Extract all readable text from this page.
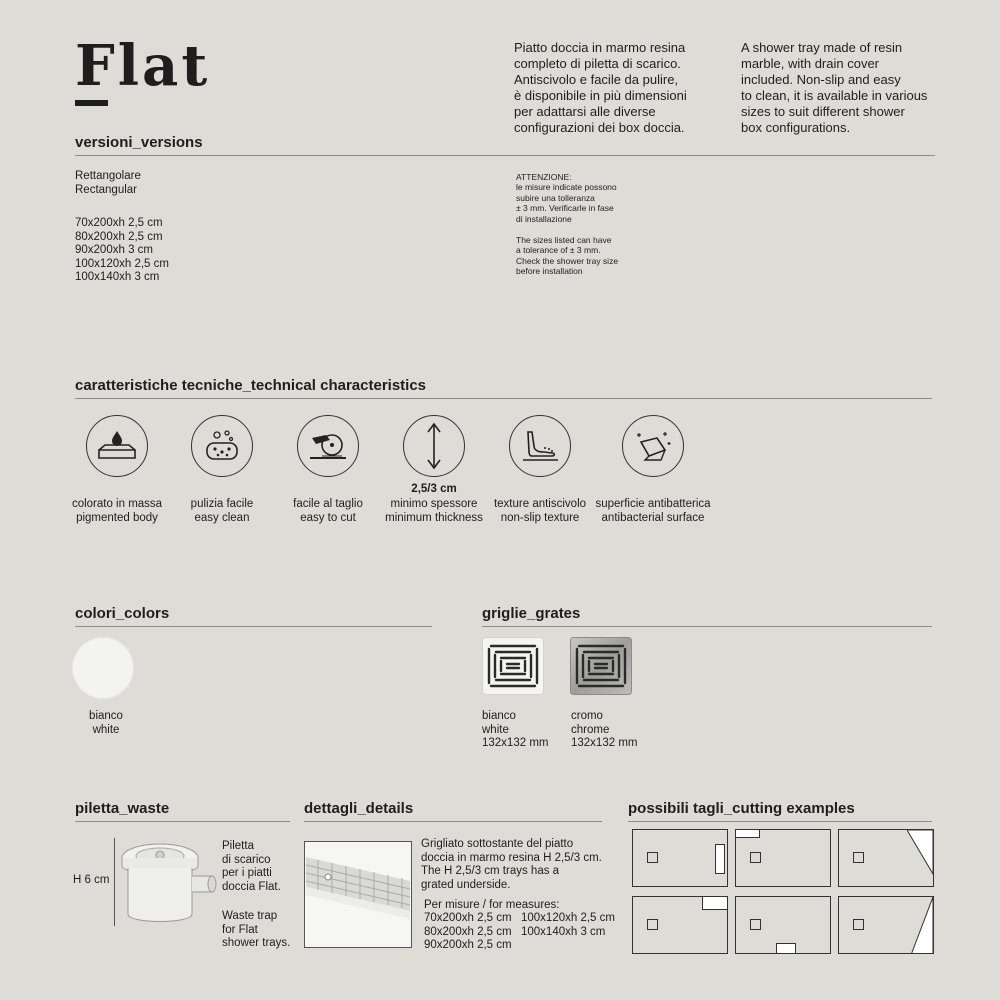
Flat	Piatto doccia in marmo resina
completo di piletta di scarico.
Antiscivolo e facile da pulire,
è disponibile in più dimensioni
per adattarsi alle diverse
configurazioni dei box doccia.
A shower tray made of resin
marble, with drain cover
included. Non-slip and easy
to clean, it is available in various
sizes to suit different shower
box configurations.
versioni_versions
Rettangolare
Rectangular
70x200xh 2,5 cm
80x200xh 2,5 cm
90x200xh 3 cm
100x120xh 2,5 cm
100x140xh 3 cm
ATTENZIONE:
le misure indicate possono
subire una tolleranza
± 3 mm. Verificarle in fase
di installazione
The sizes listed can have
a tolerance of ± 3 mm.
Check the shower tray size
before installation
caratteristiche tecniche_technical characteristics
colorato in massa
pigmented body
pulizia facile
easy clean
facile al taglio
easy to cut
2,5/3 cm
minimo spessore
minimum thickness
texture antiscivolo
non-slip texture
superficie antibatterica
antibacterial surface
colori_colors
bianco
white
griglie_grates
bianco
white
132x132 mm
cromo
chrome
132x132 mm
piletta_waste
H 6 cm
Piletta
di scarico
per i piatti
doccia Flat.
Waste trap
for Flat
shower trays.
dettagli_details
Grigliato sottostante del piatto
doccia in marmo resina H 2,5/3 cm.
The H 2,5/3 cm trays has a
grated underside.
Per misure / for measures:
70x200xh 2,5 cm
80x200xh 2,5 cm
90x200xh 2,5 cm
100x120xh 2,5 cm
100x140xh 3 cm
possibili tagli_cutting examples
